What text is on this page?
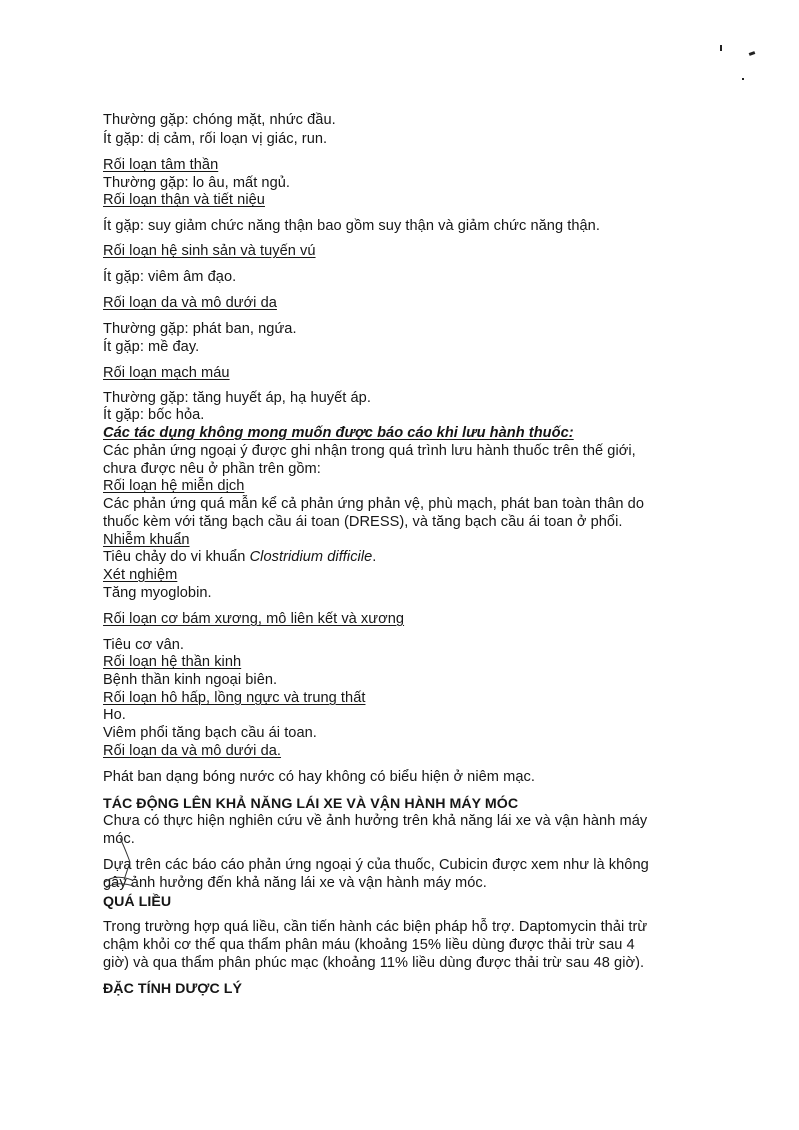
Thường gặp: chóng mặt, nhức đầu.
Ít gặp: dị cảm, rối loạn vị giác, run.
Rối loạn tâm thần
Thường gặp: lo âu, mất ngủ.
Rối loạn thận và tiết niệu
Ít gặp: suy giảm chức năng thận bao gồm suy thận và giảm chức năng thận.
Rối loạn hệ sinh sản và tuyến vú
Ít gặp: viêm âm đạo.
Rối loạn da và mô dưới da
Thường gặp: phát ban, ngứa.
Ít gặp: mề đay.
Rối loạn mạch máu
Thường gặp: tăng huyết áp, hạ huyết áp.
Ít gặp: bốc hỏa.
Các tác dụng không mong muốn được báo cáo khi lưu hành thuốc:
Các phản ứng ngoại ý được ghi nhận trong quá trình lưu hành thuốc trên thế giới,
chưa được nêu ở phần trên gồm:
Rối loạn hệ miễn dịch
Các phản ứng quá mẫn kể cả phản ứng phản vệ, phù mạch, phát ban toàn thân do
thuốc kèm với tăng bạch cầu ái toan (DRESS), và tăng bạch cầu ái toan ở phổi.
Nhiễm khuẩn
Tiêu chảy do vi khuẩn Clostridium difficile.
Xét nghiệm
Tăng myoglobin.
Rối loạn cơ bám xương, mô liên kết và xương
Tiêu cơ vân.
Rối loạn hệ thần kinh
Bệnh thần kinh ngoại biên.
Rối loạn hô hấp, lồng ngực và trung thất
Ho.
Viêm phổi tăng bạch cầu ái toan.
Rối loạn da và mô dưới da.
Phát ban dạng bóng nước có hay không có biểu hiện ở niêm mạc.
TÁC ĐỘNG LÊN KHẢ NĂNG LÁI XE VÀ VẬN HÀNH MÁY MÓC
Chưa có thực hiện nghiên cứu về ảnh hưởng trên khả năng lái xe và vận hành máy
móc.
Dựa trên các báo cáo phản ứng ngoại ý của thuốc, Cubicin được xem như là không
gây ảnh hưởng đến khả năng lái xe và vận hành máy móc.
QUÁ LIỀU
Trong trường hợp quá liều, cần tiến hành các biện pháp hỗ trợ. Daptomycin thải trừ
chậm khỏi cơ thể qua thẩm phân máu (khoảng 15% liều dùng được thải trừ sau 4
giờ) và qua thẩm phân phúc mạc (khoảng 11% liều dùng được thải trừ sau 48 giờ).
ĐẶC TÍNH DƯỢC LÝ
